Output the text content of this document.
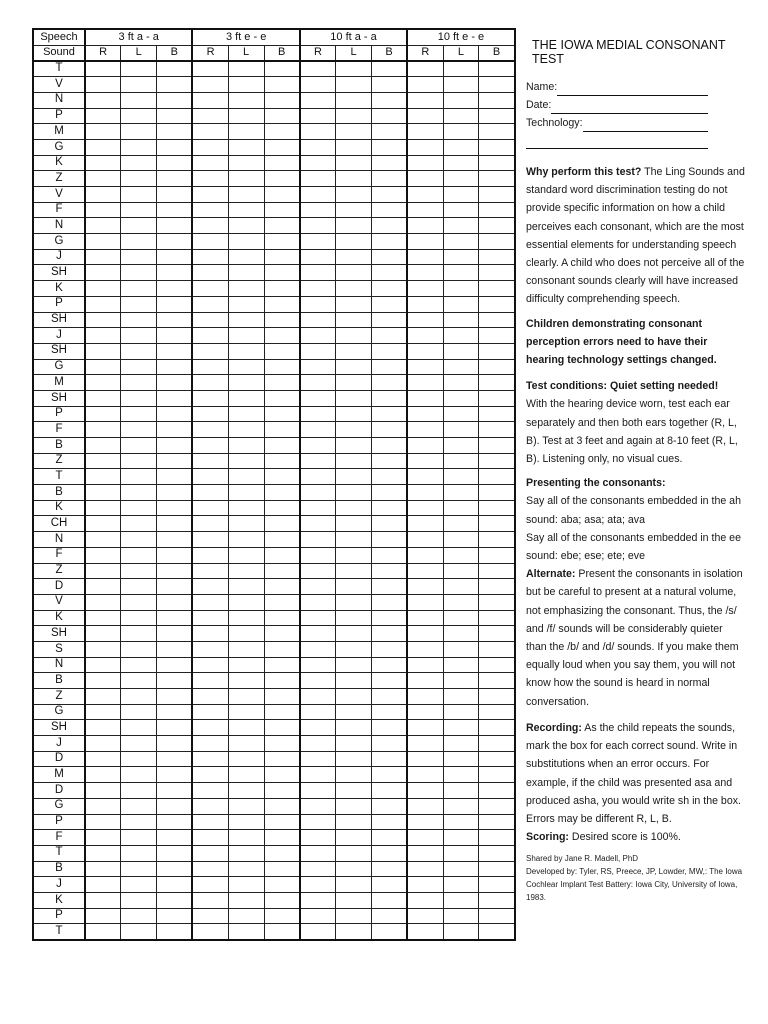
Speech	3 ft a - a			3 ft e - e			10 ft a - a			10 ft e - e		
Sound	R	L	B	R	L	B	R	L	B	R	L	B
T												
V												
N												
P												
M												
G												
K												
Z												
V												
F												
N												
G												
J												
SH												
K												
P												
SH												
J												
SH												
G												
M												
SH												
P												
F												
B												
Z												
T												
B												
K												
CH												
N												
F												
Z												
D												
V												
K												
SH												
S												
N												
B												
Z												
G												
SH												
J												
D												
M												
D												
G												
P												
F												
T												
B												
J												
K												
P												
T												
THE IOWA MEDIAL CONSONANT TEST
Name:
Date:
Technology:

Why perform this test? The Ling Sounds and standard word discrimination testing do not provide specific information on how a child perceives each consonant, which are the most essential elements for understanding speech clearly. A child who does not perceive all of the consonant sounds clearly will have increased difficulty comprehending speech.

Children demonstrating consonant perception errors need to have their hearing technology settings changed.

Test conditions: Quiet setting needed!
With the hearing device worn, test each ear separately and then both ears together (R, L, B). Test at 3 feet and again at 8-10 feet (R, L, B). Listening only, no visual cues.

Presenting the consonants:
Say all of the consonants embedded in the ah sound: aba; asa; ata; ava
Say all of the consonants embedded in the ee sound: ebe; ese; ete; eve

Alternate: Present the consonants in isolation but be careful to present at a natural volume, not emphasizing the consonant. Thus, the /s/ and /f/ sounds will be considerably quieter than the /b/ and /d/ sounds. If you make them equally loud when you say them, you will not know how the sound is heard in normal conversation.

Recording: As the child repeats the sounds, mark the box for each correct sound. Write in substitutions when an error occurs. For example, if the child was presented asa and produced asha, you would write sh in the box. Errors may be different R, L, B.

Scoring: Desired score is 100%.

Shared by Jane R. Madell, PhD
Developed by: Tyler, RS, Preece, JP, Lowder, MW,: The Iowa Cochlear Implant Test Battery: Iowa City, University of Iowa, 1983.
